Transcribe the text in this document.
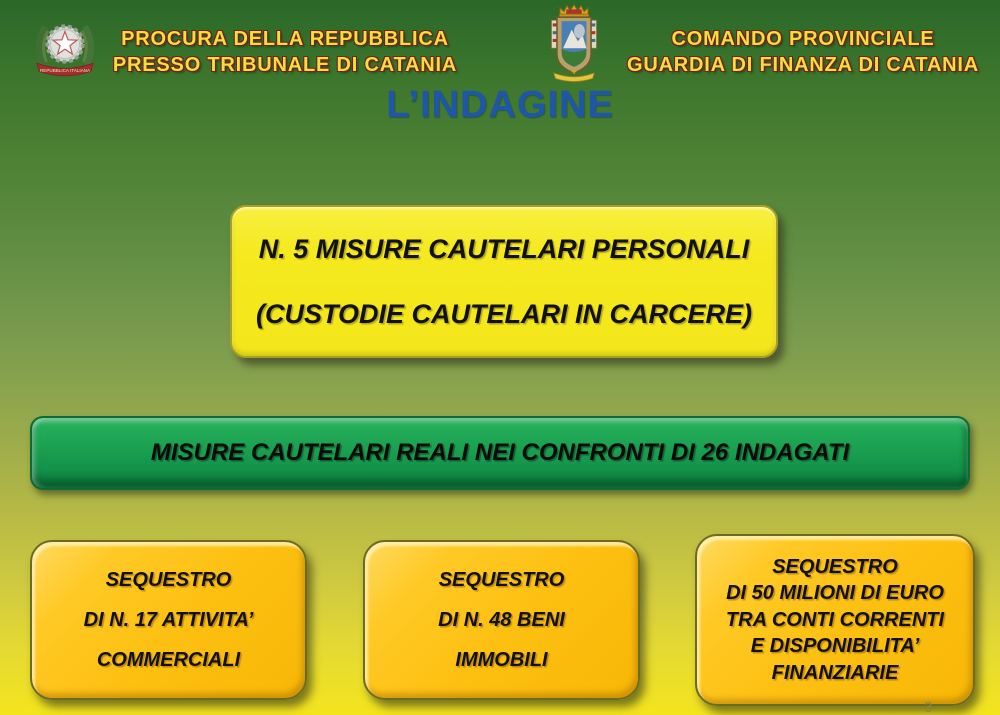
REPUBBLICA ITALIANA
PROCURA DELLA REPUBBLICA
PRESSO TRIBUNALE DI CATANIA
COMANDO PROVINCIALE
GUARDIA DI FINANZA DI CATANIA
L’INDAGINE
N. 5 MISURE CAUTELARI PERSONALI
(CUSTODIE CAUTELARI IN CARCERE)
MISURE CAUTELARI REALI NEI CONFRONTI DI 26 INDAGATI
SEQUESTRO
DI N. 17 ATTIVITA’
COMMERCIALI
SEQUESTRO
DI N. 48 BENI
IMMOBILI
SEQUESTRO
DI 50 MILIONI DI EURO
TRA CONTI CORRENTI
E DISPONIBILITA’
FINANZIARIE
3
